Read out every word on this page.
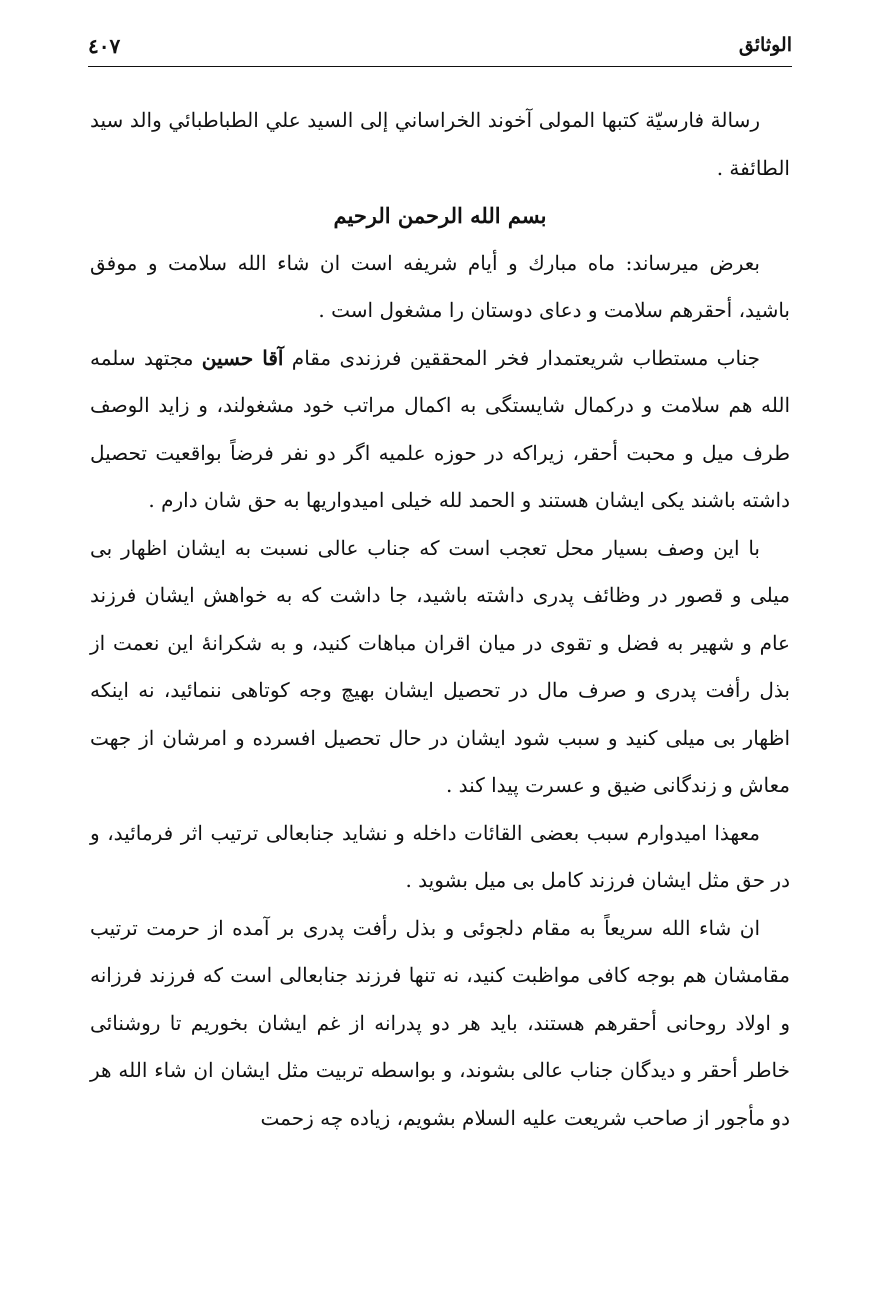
الوثائق
٤٠٧

رسالة فارسيّة كتبها المولى آخوند الخراساني إلى السيد علي الطباطبائي والد سيد الطائفة .

بسم الله الرحمن الرحيم

بعرض ميرساند: ماه مبارك و أيام شريفه است ان شاء الله سلامت و موفق باشيد، أحقرهم سلامت و دعاى دوستان را مشغول است .

جناب مستطاب شريعتمدار فخر المحققين فرزندى مقام آقا حسين مجتهد سلمه الله هم سلامت و دركمال شايستگى به اكمال مراتب خود مشغولند، و زايد الوصف طرف ميل و محبت أحقر، زيراكه در حوزه علميه اگر دو نفر فرضاً بواقعيت تحصيل داشته باشند يكى ايشان هستند و الحمد لله خيلى اميدواريها به حق شان دارم .

با اين وصف بسيار محل تعجب است كه جناب عالى نسبت به ايشان اظهار بى ميلى و قصور در وظائف پدرى داشته باشيد، جا داشت كه به خواهش ايشان فرزند عام و شهير به فضل و تقوى در ميان اقران مباهات كنيد، و به شكرانۀ اين نعمت از بذل رأفت پدرى و صرف مال در تحصيل ايشان بهيچ وجه كوتاهى ننمائيد، نه اينكه اظهار بى ميلى كنيد و سبب شود ايشان در حال تحصيل افسرده و امرشان از جهت معاش و زندگانى ضيق و عسرت پيدا كند .

معهذا اميدوارم سبب بعضى القائات داخله و نشايد جنابعالى ترتيب اثر فرمائيد، و در حق مثل ايشان فرزند كامل بى ميل بشويد .

ان شاء الله سريعاً به مقام دلجوئى و بذل رأفت پدرى بر آمده از حرمت ترتيب مقامشان هم بوجه كافى مواظبت كنيد، نه تنها فرزند جنابعالى است كه فرزند فرزانه و اولاد روحانى أحقرهم هستند، بايد هر دو پدرانه از غم ايشان بخوريم تا روشنائى خاطر أحقر و ديدگان جناب عالى بشوند، و بواسطه تربيت مثل ايشان ان شاء الله هر دو مأجور از صاحب شريعت عليه السلام بشويم، زياده چه زحمت
